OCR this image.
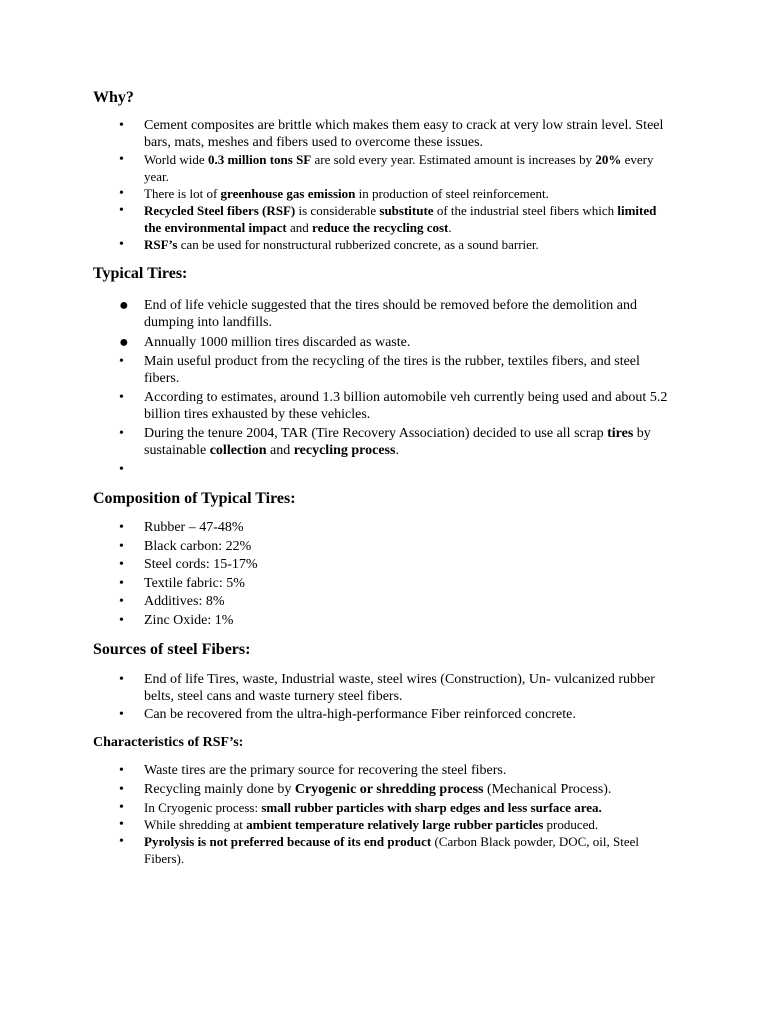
Why?
• Cement composites are brittle which makes them easy to crack at very low strain level. Steel bars, mats, meshes and fibers used to overcome these issues.
• World wide 0.3 million tons SF are sold every year. Estimated amount is increases by 20% every year.
• There is lot of greenhouse gas emission in production of steel reinforcement.
• Recycled Steel fibers (RSF) is considerable substitute of the industrial steel fibers which limited the environmental impact and reduce the recycling cost.
• RSF’s can be used for nonstructural rubberized concrete, as a sound barrier.
Typical Tires:
● End of life vehicle suggested that the tires should be removed before the demolition and dumping into landfills.
● Annually 1000 million tires discarded as waste.
• Main useful product from the recycling of the tires is the rubber, textiles fibers, and steel fibers.
• According to estimates, around 1.3 billion automobile veh currently being used and about 5.2 billion tires exhausted by these vehicles.
• During the tenure 2004, TAR (Tire Recovery Association) decided to use all scrap tires by sustainable collection and recycling process.
•

Composition of Typical Tires:
• Rubber – 47-48%
• Black carbon: 22%
• Steel cords: 15-17%
• Textile fabric: 5%
• Additives: 8%
• Zinc Oxide: 1%
Sources of steel Fibers:
• End of life Tires, waste, Industrial waste, steel wires (Construction), Un- vulcanized rubber belts, steel cans and waste turnery steel fibers.
• Can be recovered from the ultra-high-performance Fiber reinforced concrete.
Characteristics of RSF’s:
• Waste tires are the primary source for recovering the steel fibers.
• Recycling mainly done by Cryogenic or shredding process (Mechanical Process).
• In Cryogenic process: small rubber particles with sharp edges and less surface area.
• While shredding at ambient temperature relatively large rubber particles produced.
• Pyrolysis is not preferred because of its end product (Carbon Black powder, DOC, oil, Steel Fibers).
